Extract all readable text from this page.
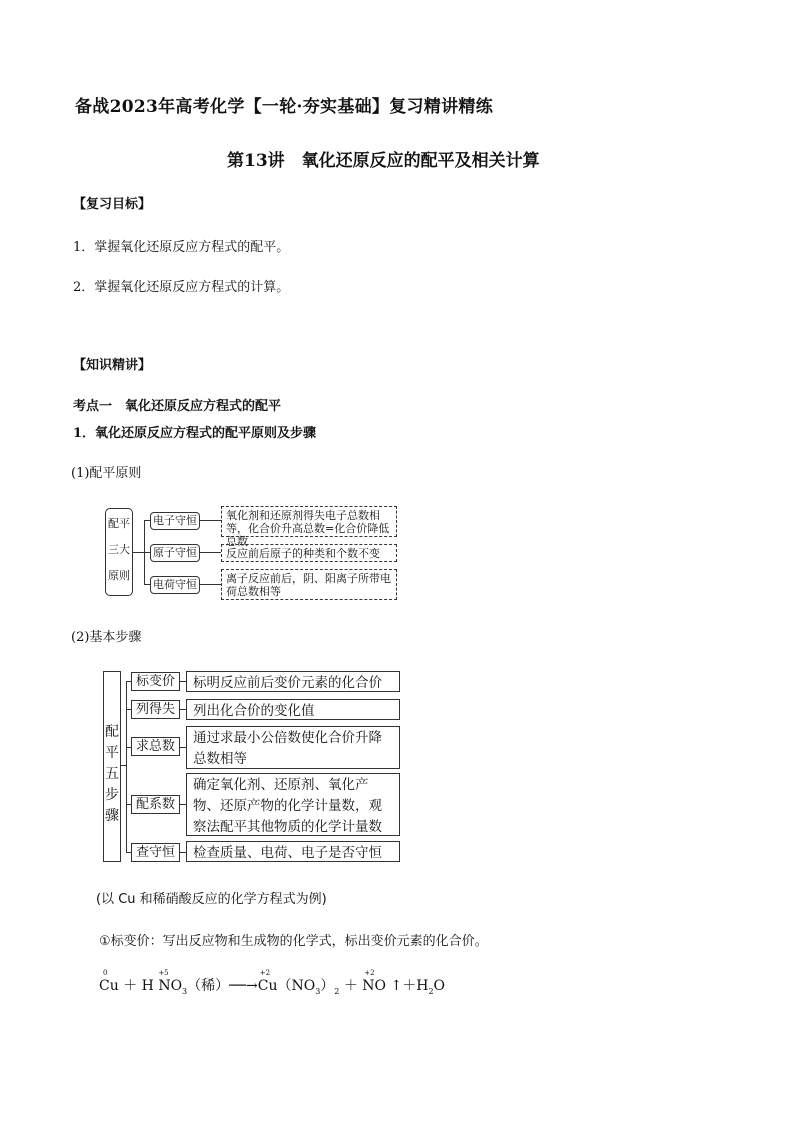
备战2023年高考化学【一轮·夯实基础】复习精讲精练
第13讲　氧化还原反应的配平及相关计算
【复习目标】
1．掌握氧化还原反应方程式的配平。
2．掌握氧化还原反应方程式的计算。
【知识精讲】
考点一　氧化还原反应方程式的配平
1．氧化还原反应方程式的配平原则及步骤
(1)配平原则
配平
三大
原则
电子守恒
原子守恒
电荷守恒
氧化剂和还原剂得失电子总数相等，化合价升高总数=化合价降低总数
反应前后原子的种类和个数不变
离子反应前后，阴、阳离子所带电荷总数相等
(2)基本步骤
配
平
五
步
骤
标变价
列得失
求总数
配系数
查守恒
标明反应前后变价元素的化合价
列出化合价的变化值
通过求最小公倍数使化合价升降总数相等
确定氧化剂、还原剂、氧化产物、还原产物的化学计量数，观察法配平其他物质的化学计量数
检查质量、电荷、电子是否守恒
(以 Cu 和稀硝酸反应的化学方程式为例)
①标变价：写出反应物和生成物的化学式，标出变价元素的化合价。
0
Cu ＋ H
+5
$NO_3$（稀）──→
+2
$Cu(NO_3)_2$ ＋
+2
NO $↑+H_2O$
